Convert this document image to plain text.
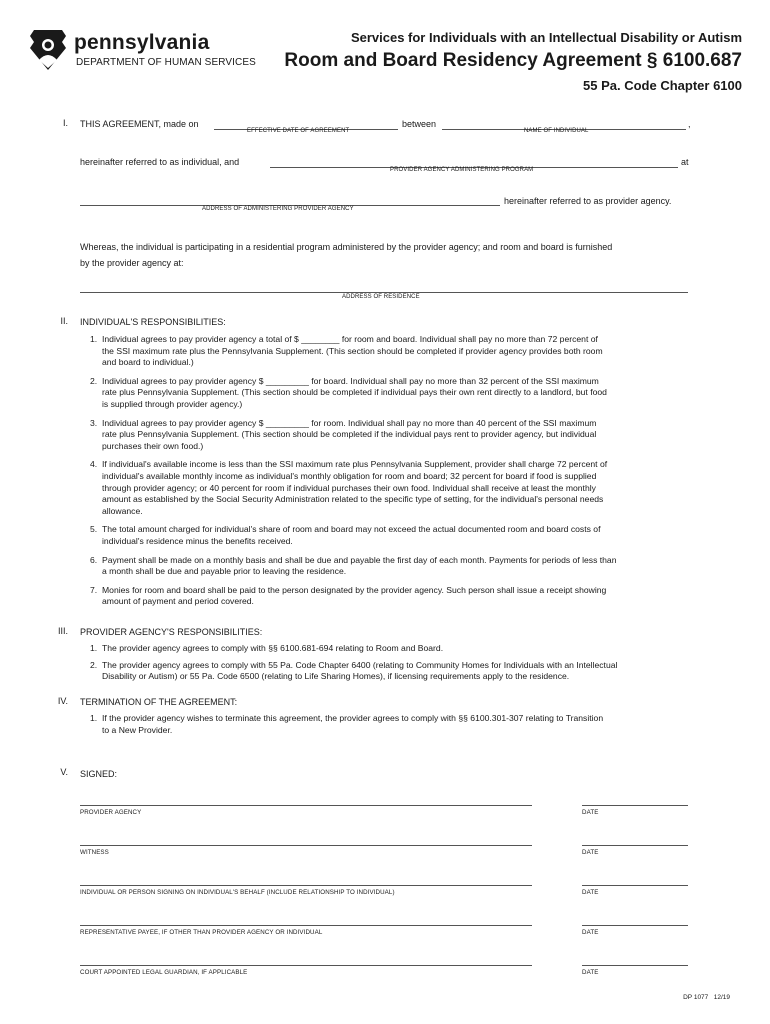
pennsylvania
DEPARTMENT OF HUMAN SERVICES
Services for Individuals with an Intellectual Disability or Autism
Room and Board Residency Agreement § 6100.687
55 Pa. Code Chapter 6100
I. THIS AGREEMENT, made on
EFFECTIVE DATE OF AGREEMENT
between	,
NAME OF INDIVIDUAL
hereinafter referred to as individual, and	at
PROVIDER AGENCY ADMINISTERING PROGRAM
hereinafter referred to as provider agency.
ADDRESS OF ADMINISTERING PROVIDER AGENCY
Whereas, the individual is participating in a residential program administered by the provider agency; and room and board is furnished
by the provider agency at:
ADDRESS OF RESIDENCE
II. INDIVIDUAL'S RESPONSIBILITIES:
1. Individual agrees to pay provider agency a total of $ ________ for room and board. Individual shall pay no more than 72 percent of
the SSI maximum rate plus the Pennsylvania Supplement. (This section should be completed if provider agency provides both room
and board to individual.)
2. Individual agrees to pay provider agency $ _________ for board. Individual shall pay no more than 32 percent of the SSI maximum
rate plus Pennsylvania Supplement. (This section should be completed if individual pays their own rent directly to a landlord, but food
is supplied through provider agency.)
3. Individual agrees to pay provider agency $ _________ for room. Individual shall pay no more than 40 percent of the SSI maximum
rate plus Pennsylvania Supplement. (This section should be completed if the individual pays rent to provider agency, but individual
purchases their own food.)
4. If individual's available income is less than the SSI maximum rate plus Pennsylvania Supplement, provider shall charge 72 percent of
individual's available monthly income as individual's monthly obligation for room and board; 32 percent for board if food is supplied
through provider agency; or 40 percent for room if individual purchases their own food. Individual shall receive at least the monthly
amount as established by the Social Security Administration related to the specific type of setting, for the individual's personal needs
allowance.
5. The total amount charged for individual's share of room and board may not exceed the actual documented room and board costs of
individual's residence minus the benefits received.
6. Payment shall be made on a monthly basis and shall be due and payable the first day of each month. Payments for periods of less than
a month shall be due and payable prior to leaving the residence.
7. Monies for room and board shall be paid to the person designated by the provider agency. Such person shall issue a receipt showing
amount of payment and period covered.
III. PROVIDER AGENCY'S RESPONSIBILITIES:
1. The provider agency agrees to comply with §§ 6100.681-694 relating to Room and Board.
2. The provider agency agrees to comply with 55 Pa. Code Chapter 6400 (relating to Community Homes for Individuals with an Intellectual
Disability or Autism) or 55 Pa. Code 6500 (relating to Life Sharing Homes), if licensing requirements apply to the residence.
IV. TERMINATION OF THE AGREEMENT:
1. If the provider agency wishes to terminate this agreement, the provider agrees to comply with §§ 6100.301-307 relating to Transition
to a New Provider.
V. SIGNED:
PROVIDER AGENCY	DATE
WITNESS	DATE
INDIVIDUAL OR PERSON SIGNING ON INDIVIDUAL'S BEHALF (INCLUDE RELATIONSHIP TO INDIVIDUAL)	DATE
REPRESENTATIVE PAYEE, IF OTHER THAN PROVIDER AGENCY OR INDIVIDUAL	DATE
COURT APPOINTED LEGAL GUARDIAN, IF APPLICABLE	DATE
DP 1077 12/19
